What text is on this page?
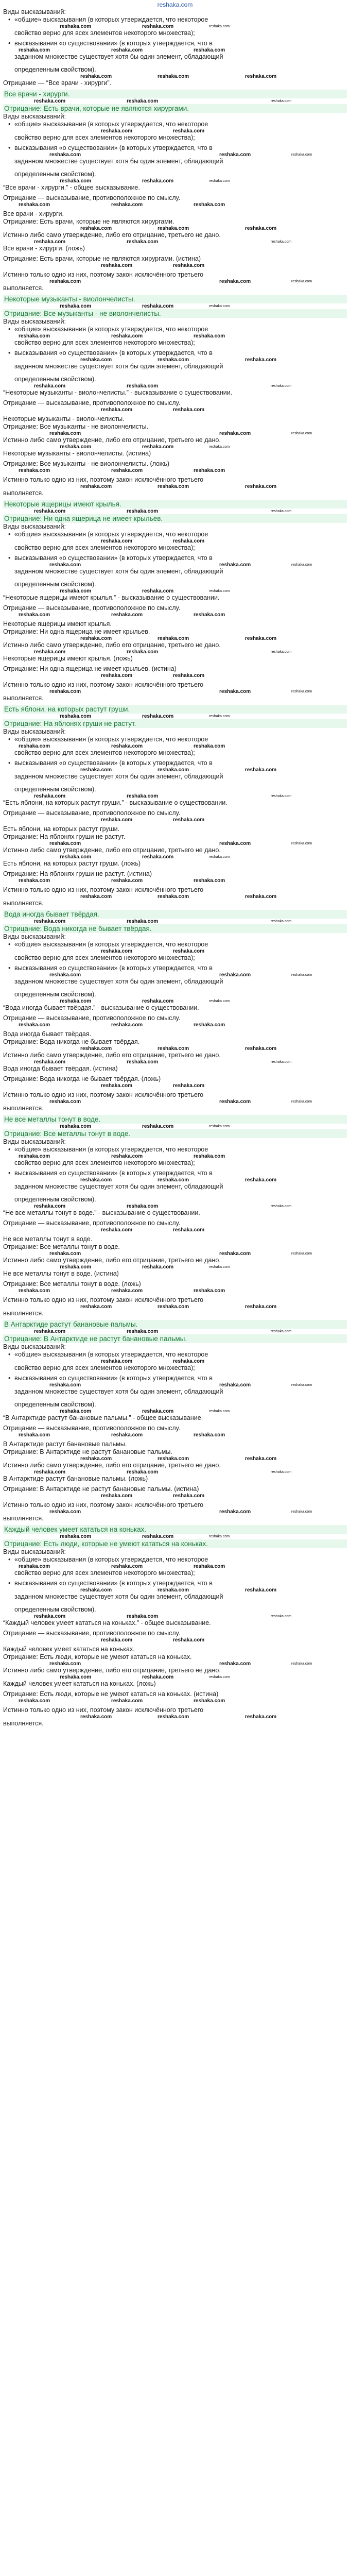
reshaka.com
Виды высказываний:
• «общие» высказывания (в которых утверждается, что некоторое
reshaka.com	reshaka.com	reshaka.com
свойство верно для всех элементов некоторого множества);
• высказывания «о существовании» (в которых утверждается, что в
reshaka.com	reshaka.com	reshaka.com
заданном множестве существует хотя бы один элемент, обладающий
определенным свойством).
reshaka.com	reshaka.com	reshaka.com
Отрицание — “Все врачи - хирурги”.
Все врачи - хирурги.
reshaka.com	reshaka.com	reshaka.com
Отрицание: Есть врачи, которые не являются хирургами.
Виды высказываний:
• «общие» высказывания (в которых утверждается, что некоторое
reshaka.com	reshaka.com
свойство верно для всех элементов некоторого множества);
• высказывания «о существовании» (в которых утверждается, что в
reshaka.com	reshaka.com	reshaka.com
заданном множестве существует хотя бы один элемент, обладающий
определенным свойством).
reshaka.com	reshaka.com	reshaka.com
“Все врачи - хирурги.” - общее высказывание.
Отрицание — высказывание, противоположное по смыслу.
reshaka.com	reshaka.com	reshaka.com
Все врачи - хирурги.
Отрицание: Есть врачи, которые не являются хирургами.
reshaka.com	reshaka.com	reshaka.com
Истинно либо само утверждение, либо его отрицание, третьего не дано.
reshaka.com	reshaka.com	reshaka.com
Все врачи - хирурги. (ложь)
Отрицание: Есть врачи, которые не являются хирургами. (истина)
reshaka.com	reshaka.com
Истинно только одно из них, поэтому закон исключённого третьего
reshaka.com	reshaka.com	reshaka.com
выполняется.
Некоторые музыканты - виолончелисты.
reshaka.com	reshaka.com	reshaka.com
Отрицание: Все музыканты - не виолончелисты.
Виды высказываний:
• «общие» высказывания (в которых утверждается, что некоторое
reshaka.com	reshaka.com	reshaka.com
свойство верно для всех элементов некоторого множества);
• высказывания «о существовании» (в которых утверждается, что в
reshaka.com	reshaka.com	reshaka.com
заданном множестве существует хотя бы один элемент, обладающий
определенным свойством).
reshaka.com	reshaka.com	reshaka.com
“Некоторые музыканты - виолончелисты.” - высказывание о существовании.
Отрицание — высказывание, противоположное по смыслу.
reshaka.com	reshaka.com
Некоторые музыканты - виолончелисты.
Отрицание: Все музыканты - не виолончелисты.
reshaka.com	reshaka.com	reshaka.com
Истинно либо само утверждение, либо его отрицание, третьего не дано.
reshaka.com	reshaka.com	reshaka.com
Некоторые музыканты - виолончелисты. (истина)
Отрицание: Все музыканты - не виолончелисты. (ложь)
reshaka.com	reshaka.com	reshaka.com
Истинно только одно из них, поэтому закон исключённого третьего
reshaka.com	reshaka.com	reshaka.com
выполняется.
Некоторые ящерицы имеют крылья.
reshaka.com	reshaka.com	reshaka.com
Отрицание: Ни одна ящерица не имеет крыльев.
Виды высказываний:
• «общие» высказывания (в которых утверждается, что некоторое
reshaka.com	reshaka.com
свойство верно для всех элементов некоторого множества);
• высказывания «о существовании» (в которых утверждается, что в
reshaka.com	reshaka.com	reshaka.com
заданном множестве существует хотя бы один элемент, обладающий
определенным свойством).
reshaka.com	reshaka.com	reshaka.com
“Некоторые ящерицы имеют крылья.” - высказывание о существовании.
Отрицание — высказывание, противоположное по смыслу.
reshaka.com	reshaka.com	reshaka.com
Некоторые ящерицы имеют крылья.
Отрицание: Ни одна ящерица не имеет крыльев.
reshaka.com	reshaka.com	reshaka.com
Истинно либо само утверждение, либо его отрицание, третьего не дано.
reshaka.com	reshaka.com	reshaka.com
Некоторые ящерицы имеют крылья. (ложь)
Отрицание: Ни одна ящерица не имеет крыльев. (истина)
reshaka.com	reshaka.com
Истинно только одно из них, поэтому закон исключённого третьего
reshaka.com	reshaka.com	reshaka.com
выполняется.
Есть яблони, на которых растут груши.
reshaka.com	reshaka.com	reshaka.com
Отрицание: На яблонях груши не растут.
Виды высказываний:
• «общие» высказывания (в которых утверждается, что некоторое
reshaka.com	reshaka.com	reshaka.com
свойство верно для всех элементов некоторого множества);
• высказывания «о существовании» (в которых утверждается, что в
reshaka.com	reshaka.com	reshaka.com
заданном множестве существует хотя бы один элемент, обладающий
определенным свойством).
reshaka.com	reshaka.com	reshaka.com
“Есть яблони, на которых растут груши.” - высказывание о существовании.
Отрицание — высказывание, противоположное по смыслу.
reshaka.com	reshaka.com
Есть яблони, на которых растут груши.
Отрицание: На яблонях груши не растут.
reshaka.com	reshaka.com	reshaka.com
Истинно либо само утверждение, либо его отрицание, третьего не дано.
reshaka.com	reshaka.com	reshaka.com
Есть яблони, на которых растут груши. (ложь)
Отрицание: На яблонях груши не растут. (истина)
reshaka.com	reshaka.com	reshaka.com
Истинно только одно из них, поэтому закон исключённого третьего
reshaka.com	reshaka.com	reshaka.com
выполняется.
Вода иногда бывает твёрдая.
reshaka.com	reshaka.com	reshaka.com
Отрицание: Вода никогда не бывает твёрдая.
Виды высказываний:
• «общие» высказывания (в которых утверждается, что некоторое
reshaka.com	reshaka.com
свойство верно для всех элементов некоторого множества);
• высказывания «о существовании» (в которых утверждается, что в
reshaka.com	reshaka.com	reshaka.com
заданном множестве существует хотя бы один элемент, обладающий
определенным свойством).
reshaka.com	reshaka.com	reshaka.com
“Вода иногда бывает твёрдая.” - высказывание о существовании.
Отрицание — высказывание, противоположное по смыслу.
reshaka.com	reshaka.com	reshaka.com
Вода иногда бывает твёрдая.
Отрицание: Вода никогда не бывает твёрдая.
reshaka.com	reshaka.com	reshaka.com
Истинно либо само утверждение, либо его отрицание, третьего не дано.
reshaka.com	reshaka.com	reshaka.com
Вода иногда бывает твёрдая. (истина)
Отрицание: Вода никогда не бывает твёрдая. (ложь)
reshaka.com	reshaka.com
Истинно только одно из них, поэтому закон исключённого третьего
reshaka.com	reshaka.com	reshaka.com
выполняется.
Не все металлы тонут в воде.
reshaka.com	reshaka.com	reshaka.com
Отрицание: Все металлы тонут в воде.
Виды высказываний:
• «общие» высказывания (в которых утверждается, что некоторое
reshaka.com	reshaka.com	reshaka.com
свойство верно для всех элементов некоторого множества);
• высказывания «о существовании» (в которых утверждается, что в
reshaka.com	reshaka.com	reshaka.com
заданном множестве существует хотя бы один элемент, обладающий
определенным свойством).
reshaka.com	reshaka.com	reshaka.com
“Не все металлы тонут в воде.” - высказывание о существовании.
Отрицание — высказывание, противоположное по смыслу.
reshaka.com	reshaka.com
Не все металлы тонут в воде.
Отрицание: Все металлы тонут в воде.
reshaka.com	reshaka.com	reshaka.com
Истинно либо само утверждение, либо его отрицание, третьего не дано.
reshaka.com	reshaka.com	reshaka.com
Не все металлы тонут в воде. (истина)
Отрицание: Все металлы тонут в воде. (ложь)
reshaka.com	reshaka.com	reshaka.com
Истинно только одно из них, поэтому закон исключённого третьего
reshaka.com	reshaka.com	reshaka.com
выполняется.
В Антарктиде растут банановые пальмы.
reshaka.com	reshaka.com	reshaka.com
Отрицание: В Антарктиде не растут банановые пальмы.
Виды высказываний:
• «общие» высказывания (в которых утверждается, что некоторое
reshaka.com	reshaka.com
свойство верно для всех элементов некоторого множества);
• высказывания «о существовании» (в которых утверждается, что в
reshaka.com	reshaka.com	reshaka.com
заданном множестве существует хотя бы один элемент, обладающий
определенным свойством).
reshaka.com	reshaka.com	reshaka.com
“В Антарктиде растут банановые пальмы.” - общее высказывание.
Отрицание — высказывание, противоположное по смыслу.
reshaka.com	reshaka.com	reshaka.com
В Антарктиде растут банановые пальмы.
Отрицание: В Антарктиде не растут банановые пальмы.
reshaka.com	reshaka.com	reshaka.com
Истинно либо само утверждение, либо его отрицание, третьего не дано.
reshaka.com	reshaka.com	reshaka.com
В Антарктиде растут банановые пальмы. (ложь)
Отрицание: В Антарктиде не растут банановые пальмы. (истина)
reshaka.com	reshaka.com
Истинно только одно из них, поэтому закон исключённого третьего
reshaka.com	reshaka.com	reshaka.com
выполняется.
Каждый человек умеет кататься на коньках.
reshaka.com	reshaka.com	reshaka.com
Отрицание: Есть люди, которые не умеют кататься на коньках.
Виды высказываний:
• «общие» высказывания (в которых утверждается, что некоторое
reshaka.com	reshaka.com	reshaka.com
свойство верно для всех элементов некоторого множества);
• высказывания «о существовании» (в которых утверждается, что в
reshaka.com	reshaka.com	reshaka.com
заданном множестве существует хотя бы один элемент, обладающий
определенным свойством).
reshaka.com	reshaka.com	reshaka.com
“Каждый человек умеет кататься на коньках.” - общее высказывание.
Отрицание — высказывание, противоположное по смыслу.
reshaka.com	reshaka.com
Каждый человек умеет кататься на коньках.
Отрицание: Есть люди, которые не умеют кататься на коньках.
reshaka.com	reshaka.com	reshaka.com
Истинно либо само утверждение, либо его отрицание, третьего не дано.
reshaka.com	reshaka.com	reshaka.com
Каждый человек умеет кататься на коньках. (ложь)
Отрицание: Есть люди, которые не умеют кататься на коньках. (истина)
reshaka.com	reshaka.com	reshaka.com
Истинно только одно из них, поэтому закон исключённого третьего
reshaka.com	reshaka.com	reshaka.com
выполняется.
